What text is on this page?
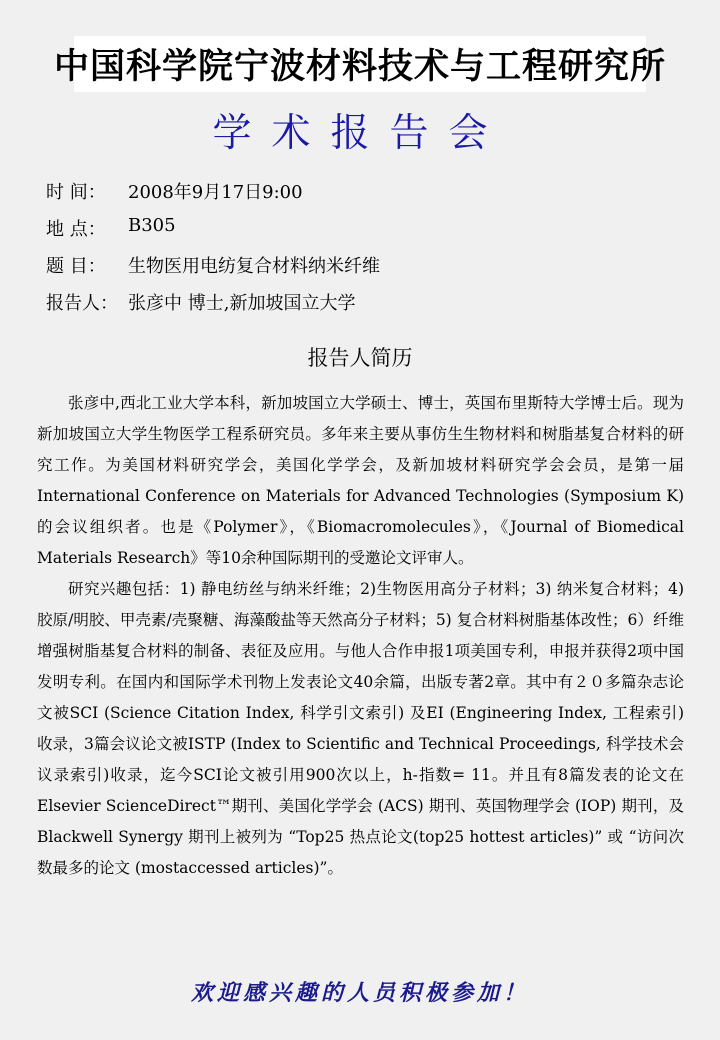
中国科学院宁波材料技术与工程研究所
学术报告会
时 间：	2008年9月17日9:00
地 点：	B305
题 目：	生物医用电纺复合材料纳米纤维
报告人： 张彦中 博士,新加坡国立大学
报告人简历

张彦中,西北工业大学本科，新加坡国立大学硕士、博士，英国布里斯特大学博士后。现为新加坡国立大学生物医学工程系研究员。多年来主要从事仿生生物材料和树脂基复合材料的研究工作。为美国材料研究学会，美国化学学会，及新加坡材料研究学会会员，是第一届International Conference on Materials for Advanced Technologies (Symposium K)的会议组织者。也是《Polymer》，《Biomacromolecules》，《Journal of Biomedical Materials Research》等10余种国际期刊的受邀论文评审人。

研究兴趣包括：1) 静电纺丝与纳米纤维；2)生物医用高分子材料；3) 纳米复合材料；4) 胶原/明胶、甲壳素/壳聚糖、海藻酸盐等天然高分子材料；5) 复合材料树脂基体改性；6）纤维增强树脂基复合材料的制备、表征及应用。与他人合作申报1项美国专利，申报并获得2项中国发明专利。在国内和国际学术刊物上发表论文40余篇，出版专著2章。其中有２０多篇杂志论文被SCI (Science Citation Index, 科学引文索引) 及EI (Engineering Index, 工程索引) 收录，3篇会议论文被ISTP (Index to Scientific and Technical Proceedings, 科学技术会议录索引)收录，迄今SCI论文被引用900次以上，h-指数= 11。并且有8篇发表的论文在Elsevier ScienceDirect™期刊、美国化学学会 (ACS) 期刊、英国物理学会 (IOP) 期刊，及Blackwell Synergy 期刊上被列为 “Top25 热点论文(top25 hottest articles)” 或 “访问次数最多的论文 (mostaccessed articles)”。

欢迎感兴趣的人员积极参加！
